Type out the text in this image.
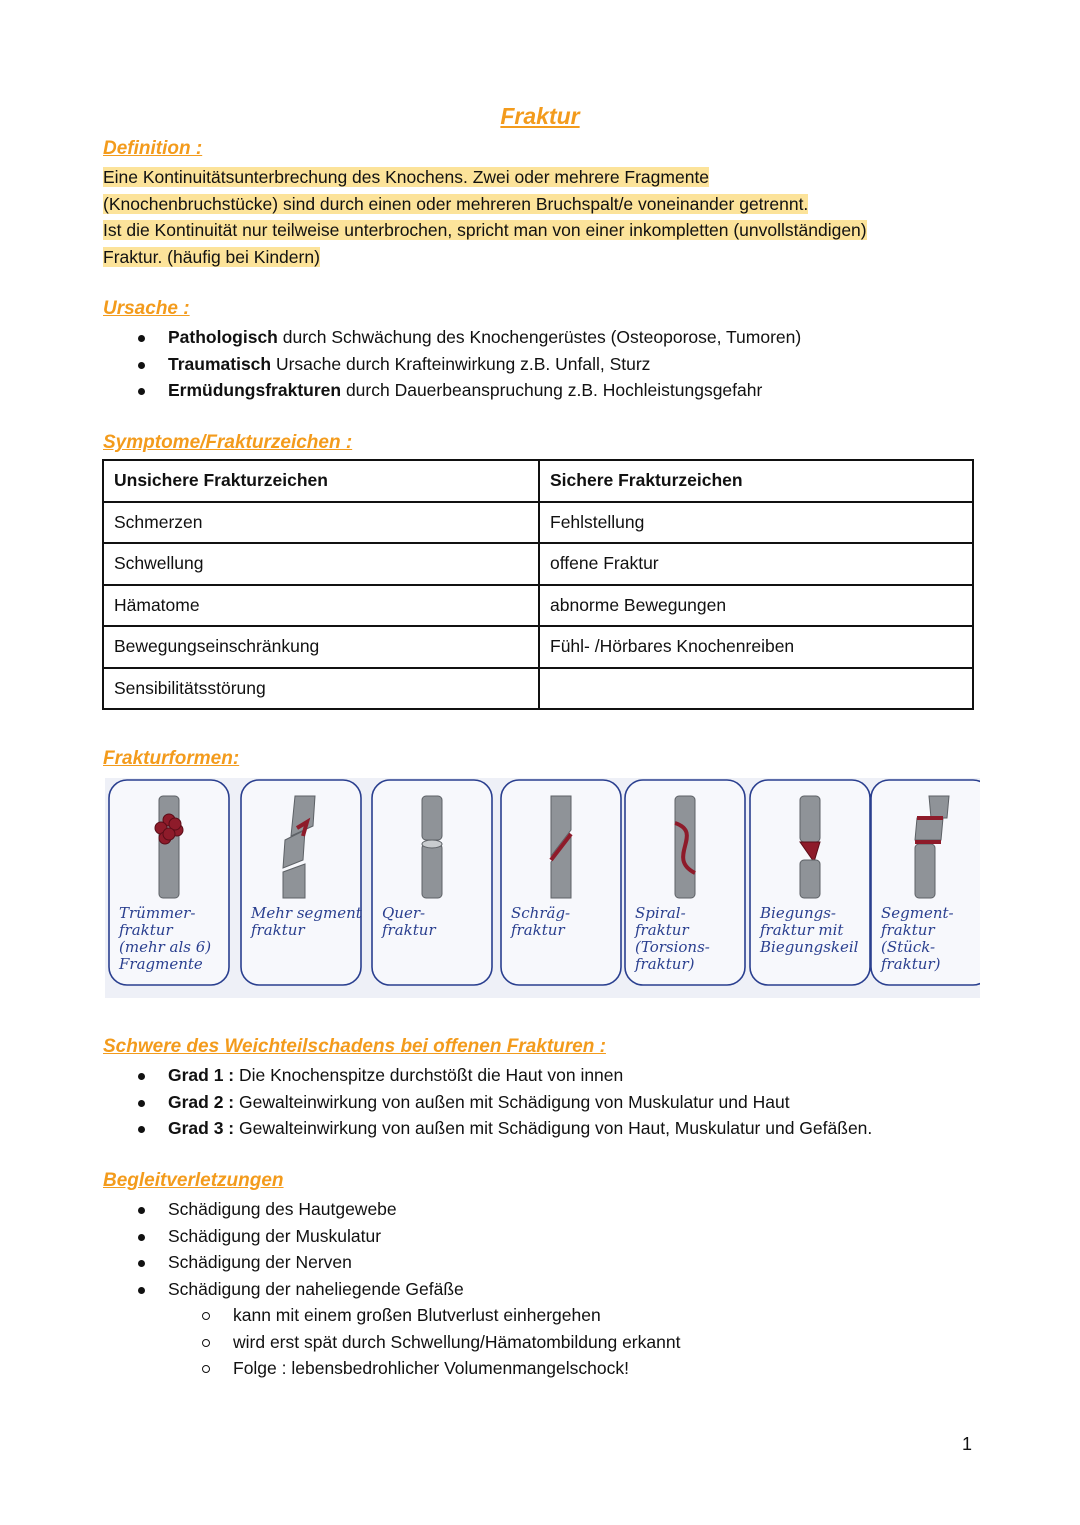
Fraktur
Definition :
Eine Kontinuitätsunterbrechung des Knochens. Zwei oder mehrere Fragmente
(Knochenbruchstücke) sind durch einen oder mehreren Bruchspalt/e voneinander getrennt.
Ist die Kontinuität nur teilweise unterbrochen, spricht man von einer inkompletten (unvollständigen)
Fraktur. (häufig bei Kindern)
Ursache :
Pathologisch durch Schwächung des Knochengerüstes (Osteoporose, Tumoren)
Traumatisch Ursache durch Krafteinwirkung z.B. Unfall, Sturz
Ermüdungsfrakturen durch Dauerbeanspruchung z.B. Hochleistungsgefahr
Symptome/Frakturzeichen :
Unsichere Frakturzeichen	Sichere Frakturzeichen
Schmerzen	Fehlstellung
Schwellung	offene Fraktur
Hämatome	abnorme Bewegungen
Bewegungseinschränkung	Fühl- /Hörbares Knochenreiben
Sensibilitätsstörung	
Frakturformen:
Trümmer-
fraktur
(mehr als 6)
Fragmente
Mehr segment
fraktur
Quer-
fraktur
Schräg-
fraktur
Spiral-
fraktur
(Torsions-
fraktur)
Biegungs-
fraktur mit
Biegungskeil
Segment-
fraktur
(Stück-
fraktur)
Schwere des Weichteilschadens bei offenen Frakturen :
Grad 1 : Die Knochenspitze durchstößt die Haut von innen
Grad 2 : Gewalteinwirkung von außen mit Schädigung von Muskulatur und Haut
Grad 3 : Gewalteinwirkung von außen mit Schädigung von Haut, Muskulatur und Gefäßen.
Begleitverletzungen
Schädigung des Hautgewebe
Schädigung der Muskulatur
Schädigung der Nerven
Schädigung der naheliegende Gefäße
kann mit einem großen Blutverlust einhergehen
wird erst spät durch Schwellung/Hämatombildung erkannt
Folge : lebensbedrohlicher Volumenmangelschock!
1
